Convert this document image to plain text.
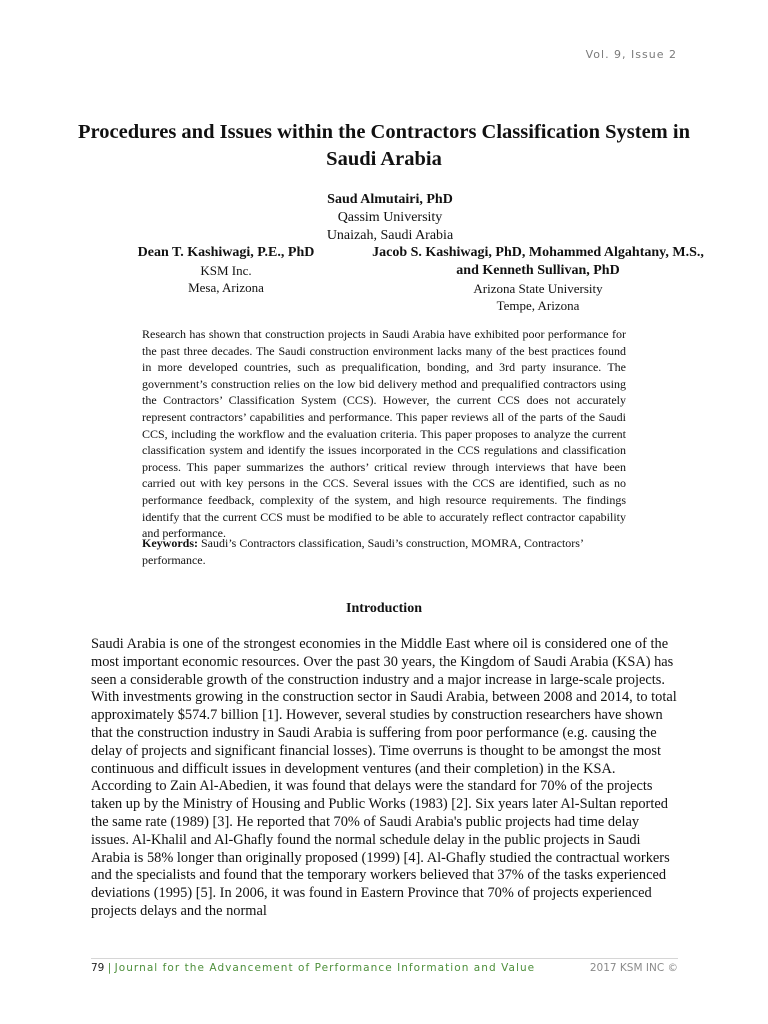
Vol. 9, Issue 2
Procedures and Issues within the Contractors Classification System in Saudi Arabia
Saud Almutairi, PhD
Qassim University
Unaizah, Saudi Arabia
Dean T. Kashiwagi, P.E., PhD
KSM Inc.
Mesa, Arizona
Jacob S. Kashiwagi, PhD, Mohammed Algahtany, M.S., and Kenneth Sullivan, PhD
Arizona State University
Tempe, Arizona

Research has shown that construction projects in Saudi Arabia have exhibited poor performance for the past three decades. The Saudi construction environment lacks many of the best practices found in more developed countries, such as prequalification, bonding, and 3rd party insurance. The government’s construction relies on the low bid delivery method and prequalified contractors using the Contractors’ Classification System (CCS). However, the current CCS does not accurately represent contractors’ capabilities and performance. This paper reviews all of the parts of the Saudi CCS, including the workflow and the evaluation criteria. This paper proposes to analyze the current classification system and identify the issues incorporated in the CCS regulations and classification process. This paper summarizes the authors’ critical review through interviews that have been carried out with key persons in the CCS. Several issues with the CCS are identified, such as no performance feedback, complexity of the system, and high resource requirements. The findings identify that the current CCS must be modified to be able to accurately reflect contractor capability and performance.

Keywords: Saudi’s Contractors classification, Saudi’s construction, MOMRA, Contractors’ performance.

Introduction

Saudi Arabia is one of the strongest economies in the Middle East where oil is considered one of the most important economic resources. Over the past 30 years, the Kingdom of Saudi Arabia (KSA) has seen a considerable growth of the construction industry and a major increase in large-scale projects. With investments growing in the construction sector in Saudi Arabia, between 2008 and 2014, to total approximately $574.7 billion [1]. However, several studies by construction researchers have shown that the construction industry in Saudi Arabia is suffering from poor performance (e.g. causing the delay of projects and significant financial losses). Time overruns is thought to be amongst the most continuous and difficult issues in development ventures (and their completion) in the KSA. According to Zain Al-Abedien, it was found that delays were the standard for 70% of the projects taken up by the Ministry of Housing and Public Works (1983) [2]. Six years later Al-Sultan reported the same rate (1989) [3]. He reported that 70% of Saudi Arabia's public projects had time delay issues. Al-Khalil and Al-Ghafly found the normal schedule delay in the public projects in Saudi Arabia is 58% longer than originally proposed (1999) [4]. Al-Ghafly studied the contractual workers and the specialists and found that the temporary workers believed that 37% of the tasks experienced deviations (1995) [5]. In 2006, it was found in Eastern Province that 70% of projects experienced projects delays and the normal

79 | Journal for the Advancement of Performance Information and Value	2017 KSM INC ©
